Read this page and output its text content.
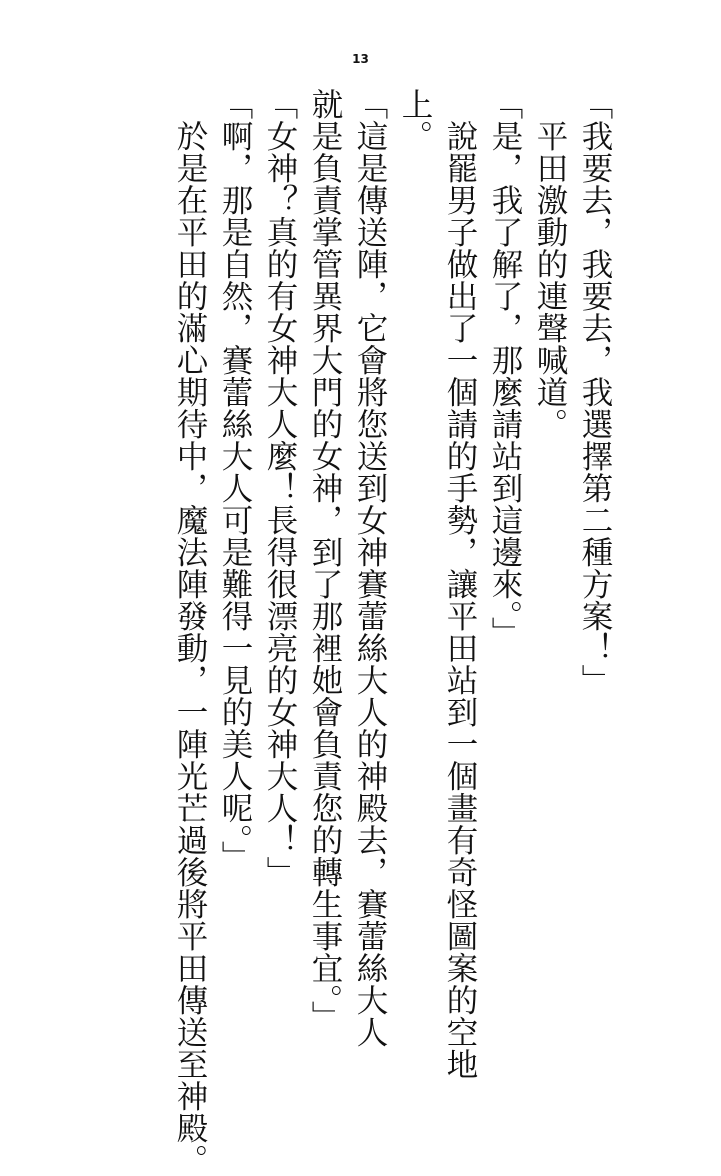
13

「我要去，我要去，我選擇第二種方案！」

　平田激動的連聲喊道。

「是，我了解了，那麼請站到這邊來。」

　說罷男子做出了一個請的手勢，讓平田站到一個畫有奇怪圖案的空地

上。

「這是傳送陣，它會將您送到女神賽蕾絲大人的神殿去，賽蕾絲大人

就是負責掌管異界大門的女神，到了那裡她會負責您的轉生事宜。」

「女神？真的有女神大人麼！長得很漂亮的女神大人！」

「啊，那是自然，賽蕾絲大人可是難得一見的美人呢。」

　於是在平田的滿心期待中，魔法陣發動，一陣光芒過後將平田傳送至神殿。
